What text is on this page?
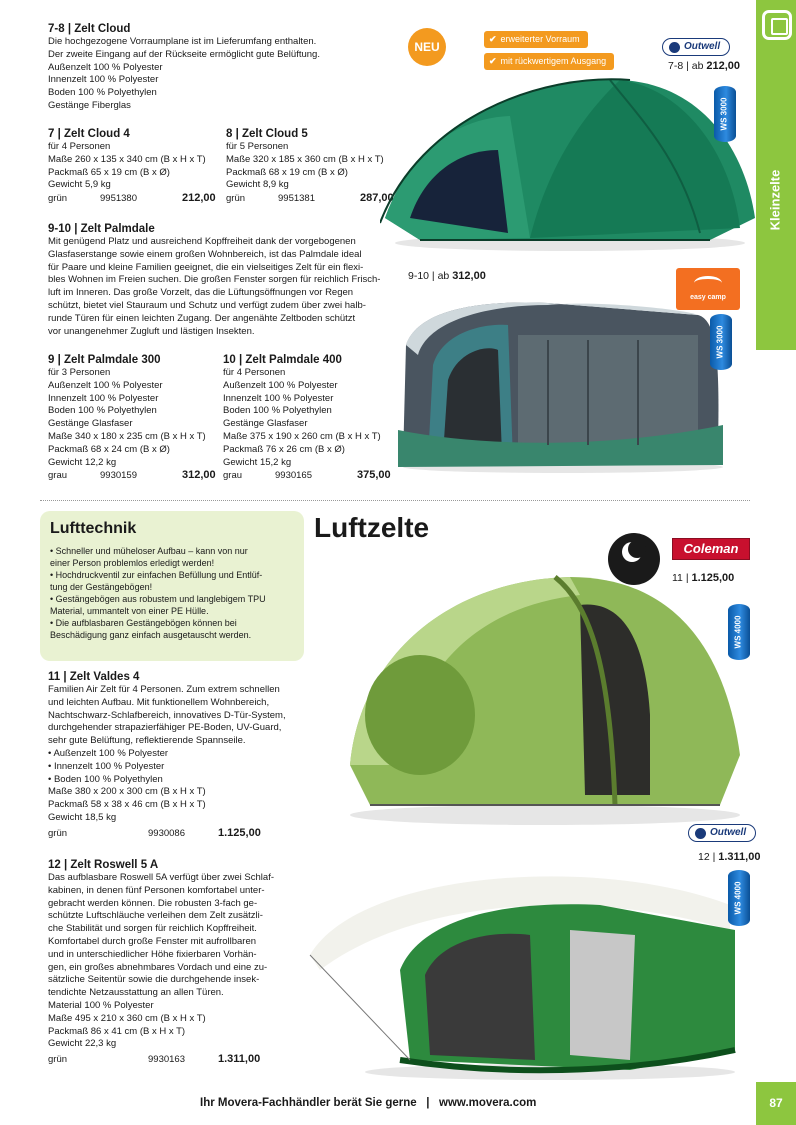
Kleinzelte
87
7-8 | Zelt Cloud
Die hochgezogene Vorraumplane ist im Lieferumfang enthalten.
Der zweite Eingang auf der Rückseite ermöglicht gute Belüftung.
Außenzelt 100 % Polyester
Innenzelt 100 % Polyester
Boden 100 % Polyethylen
Gestänge Fiberglas
7 | Zelt Cloud 4
für 4 Personen
Maße 260 x 135 x 340 cm (B x H x T)
Packmaß 65 x 19 cm (B x Ø)
Gewicht 5,9 kg
grün	9951380	212,00
8 | Zelt Cloud 5
für 5 Personen
Maße 320 x 185 x 360 cm (B x H x T)
Packmaß 68 x 19 cm (B x Ø)
Gewicht 8,9 kg
grün	9951381	287,00
9-10 | Zelt Palmdale
Mit genügend Platz und ausreichend Kopffreiheit dank der vorgebogenen
Glasfaserstange sowie einem großen Wohnbereich, ist das Palmdale ideal
für Paare und kleine Familien geeignet, die ein vielseitiges Zelt für ein flexi-
bles Wohnen im Freien suchen. Die großen Fenster sorgen für reichlich Frisch-
luft im Inneren. Das große Vorzelt, das die Lüftungsöffnungen vor Regen
schützt, bietet viel Stauraum und Schutz und verfügt zudem über zwei halb-
runde Türen für einen leichten Zugang. Der angenähte Zeltboden schützt
vor unangenehmer Zugluft und lästigen Insekten.
9 | Zelt Palmdale 300
für 3 Personen
Außenzelt 100 % Polyester
Innenzelt 100 % Polyester
Boden 100 % Polyethylen
Gestänge Glasfaser
Maße 340 x 180 x 235 cm (B x H x T)
Packmaß 68 x 24 cm (B x Ø)
Gewicht 12,2 kg
grau	9930159	312,00
10 | Zelt Palmdale 400
für 4 Personen
Außenzelt 100 % Polyester
Innenzelt 100 % Polyester
Boden 100 % Polyethylen
Gestänge Glasfaser
Maße 375 x 190 x 260 cm (B x H x T)
Packmaß 76 x 26 cm (B x Ø)
Gewicht 15,2 kg
grau	9930165	375,00
NEU
✔ erweiterter Vorraum
✔ mit rückwertigem Ausgang
Outwell
7-8 | ab 212,00
WS 3000
9-10 | ab 312,00
easy camp
WS 3000
Lufttechnik
• Schneller und müheloser Aufbau – kann von nur
einer Person problemlos erledigt werden!
• Hochdruckventil zur einfachen Befüllung und Entlüf-
tung der Gestängebögen!
• Gestängebögen aus robustem und langlebigem TPU
Material, ummantelt von einer PE Hülle.
• Die aufblasbaren Gestängebögen können bei
Beschädigung ganz einfach ausgetauscht werden.
Luftzelte
Coleman
11 | 1.125,00
WS 4000
11 | Zelt Valdes 4
Familien Air Zelt für 4 Personen. Zum extrem schnellen
und leichten Aufbau. Mit funktionellem Wohnbereich,
Nachtschwarz-Schlafbereich, innovatives D-Tür-System,
durchgehender strapazierfähiger PE-Boden, UV-Guard,
sehr gute Belüftung, reflektierende Spannseile.
• Außenzelt 100 % Polyester
• Innenzelt 100 % Polyester
• Boden 100 % Polyethylen
Maße 380 x 200 x 300 cm (B x H x T)
Packmaß 58 x 38 x 46 cm (B x H x T)
Gewicht 18,5 kg
grün	9930086	1.125,00	Outwell
12 | 1.311,00
WS 4000
12 | Zelt Roswell 5 A
Das aufblasbare Roswell 5A verfügt über zwei Schlaf-
kabinen, in denen fünf Personen komfortabel unter-
gebracht werden können. Die robusten 3-fach ge-
schützte Luftschläuche verleihen dem Zelt zusätzli-
che Stabilität und sorgen für reichlich Kopffreiheit.
Komfortabel durch große Fenster mit aufrollbaren
und in unterschiedlicher Höhe fixierbaren Vorhän-
gen, ein großes abnehmbares Vordach und eine zu-
sätzliche Seitentür sowie die durchgehende insek-
tendichte Netzausstattung an allen Türen.
Material 100 % Polyester
Maße 495 x 210 x 360 cm (B x H x T)
Packmaß 86 x 41 cm (B x H x T)
Gewicht 22,3 kg
grün	9930163	1.311,00
Ihr Movera-Fachhändler berät Sie gerne   |   www.movera.com
